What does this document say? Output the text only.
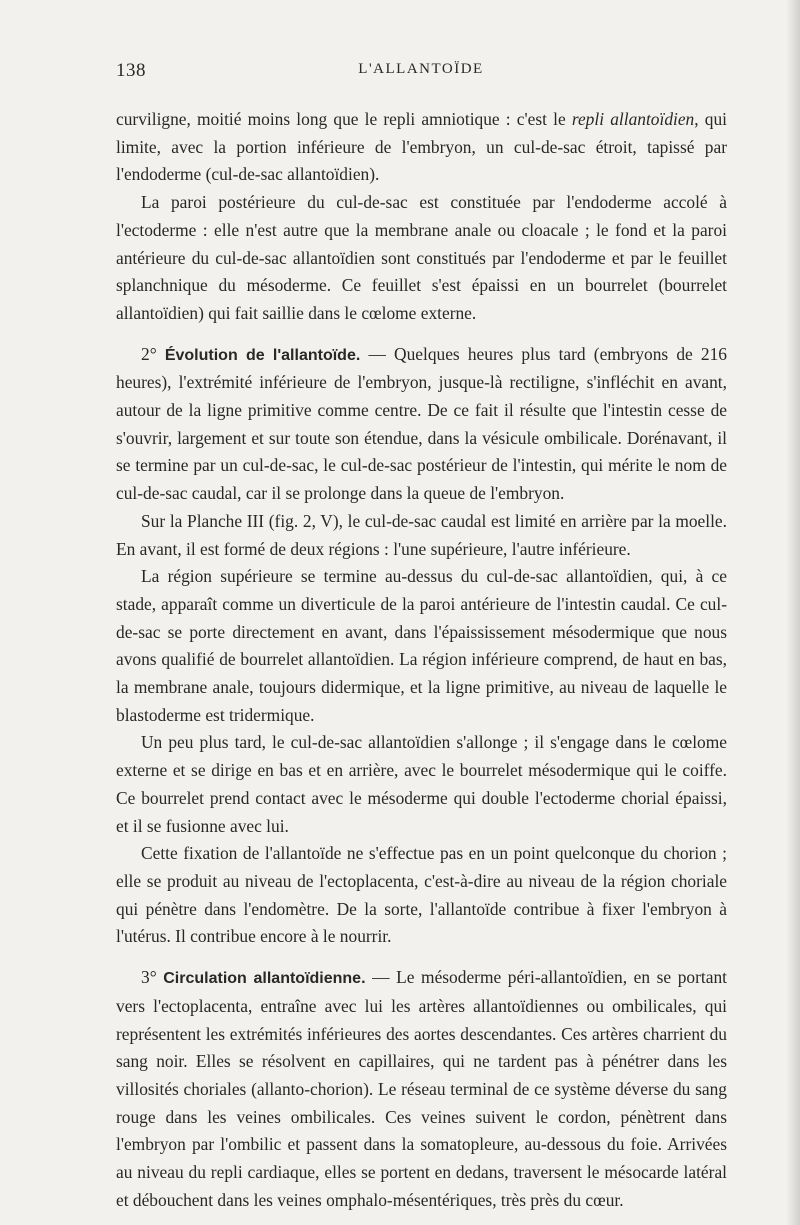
138	L'ALLANTOÏDE

curviligne, moitié moins long que le repli amniotique : c'est le repli allantoïdien, qui limite, avec la portion inférieure de l'embryon, un cul-de-sac étroit, tapissé par l'endoderme (cul-de-sac allantoïdien).

La paroi postérieure du cul-de-sac est constituée par l'endoderme accolé à l'ectoderme : elle n'est autre que la membrane anale ou cloacale ; le fond et la paroi antérieure du cul-de-sac allantoïdien sont constitués par l'endoderme et par le feuillet splanchnique du mésoderme. Ce feuillet s'est épaissi en un bourrelet (bourrelet allantoïdien) qui fait saillie dans le cœlome externe.

2° Évolution de l'allantoïde. — Quelques heures plus tard (embryons de 216 heures), l'extrémité inférieure de l'embryon, jusque-là rectiligne, s'infléchit en avant, autour de la ligne primitive comme centre. De ce fait il résulte que l'intestin cesse de s'ouvrir, largement et sur toute son étendue, dans la vésicule ombilicale. Dorénavant, il se termine par un cul-de-sac, le cul-de-sac postérieur de l'intestin, qui mérite le nom de cul-de-sac caudal, car il se prolonge dans la queue de l'embryon.

Sur la Planche III (fig. 2, V), le cul-de-sac caudal est limité en arrière par la moelle. En avant, il est formé de deux régions : l'une supérieure, l'autre inférieure.

La région supérieure se termine au-dessus du cul-de-sac allantoïdien, qui, à ce stade, apparaît comme un diverticule de la paroi antérieure de l'intestin caudal. Ce cul-de-sac se porte directement en avant, dans l'épaississement mésodermique que nous avons qualifié de bourrelet allantoïdien. La région inférieure comprend, de haut en bas, la membrane anale, toujours didermique, et la ligne primitive, au niveau de laquelle le blastoderme est tridermique.

Un peu plus tard, le cul-de-sac allantoïdien s'allonge ; il s'engage dans le cœlome externe et se dirige en bas et en arrière, avec le bourrelet mésodermique qui le coiffe. Ce bourrelet prend contact avec le mésoderme qui double l'ectoderme chorial épaissi, et il se fusionne avec lui.

Cette fixation de l'allantoïde ne s'effectue pas en un point quelconque du chorion ; elle se produit au niveau de l'ectoplacenta, c'est-à-dire au niveau de la région choriale qui pénètre dans l'endomètre. De la sorte, l'allantoïde contribue à fixer l'embryon à l'utérus. Il contribue encore à le nourrir.

3° Circulation allantoïdienne. — Le mésoderme péri-allantoïdien, en se portant vers l'ectoplacenta, entraîne avec lui les artères allantoïdiennes ou ombilicales, qui représentent les extrémités inférieures des aortes descendantes. Ces artères charrient du sang noir. Elles se résolvent en capillaires, qui ne tardent pas à pénétrer dans les villosités choriales (allanto-chorion). Le réseau terminal de ce système déverse du sang rouge dans les veines ombilicales. Ces veines suivent le cordon, pénètrent dans l'embryon par l'ombilic et passent dans la somatopleure, au-dessous du foie. Arrivées au niveau du repli cardiaque, elles se portent en dedans, traversent le mésocarde latéral et débouchent dans les veines omphalo-mésentériques, très près du cœur.
